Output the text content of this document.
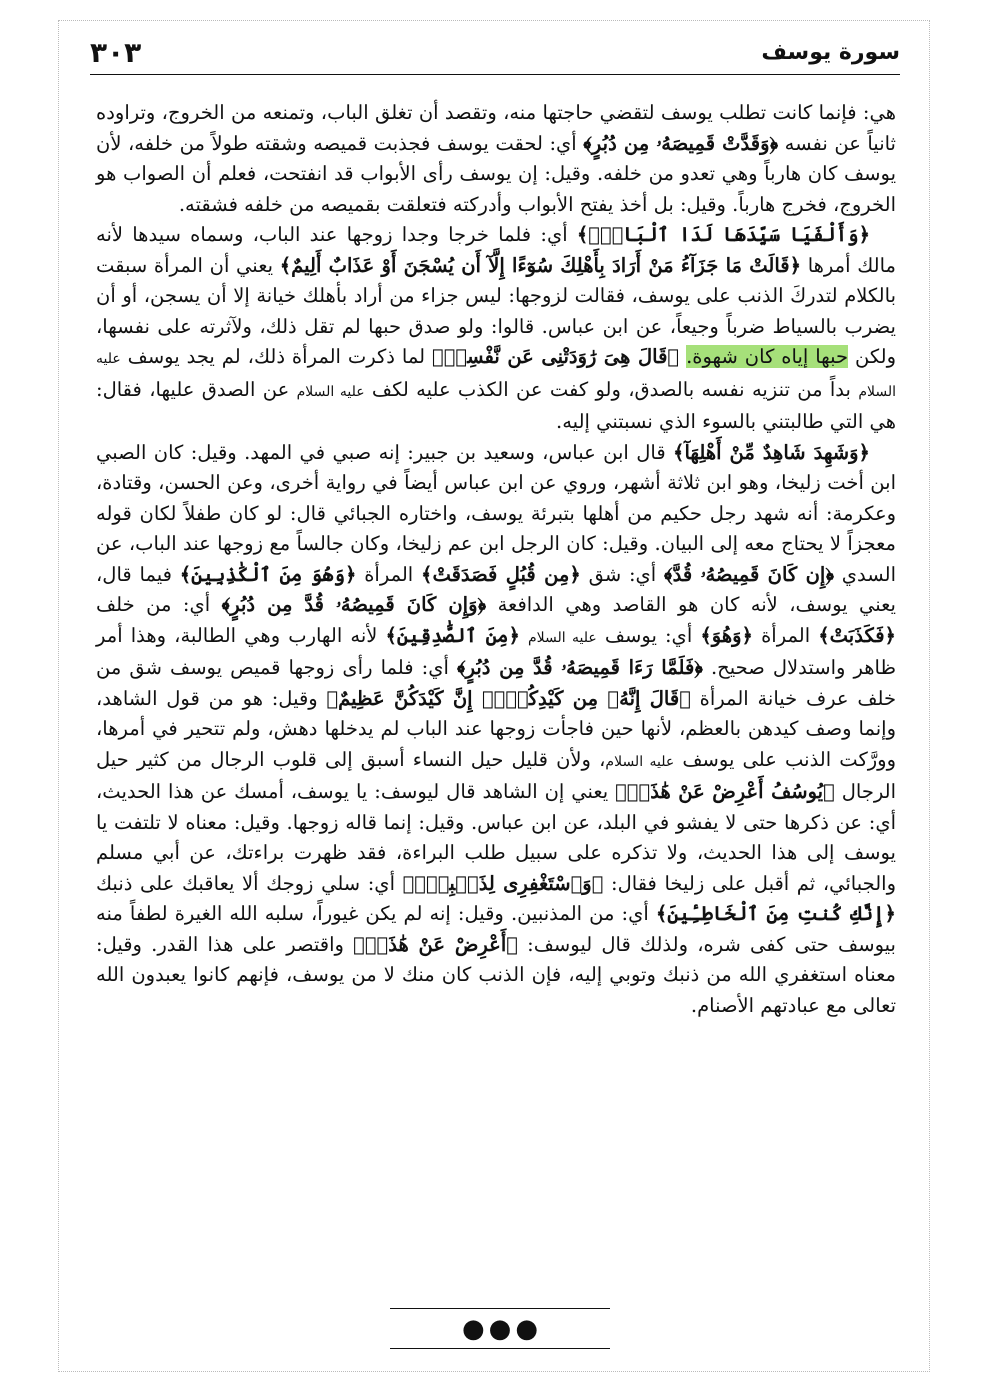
سورة يوسف
٣٠٣

هي: فإنما كانت تطلب يوسف لتقضي حاجتها منه، وتقصد أن تغلق الباب، وتمنعه من الخروج، وتراوده ثانياً عن نفسه ﴿وَقَدَّتْ قَمِيصَهُۥ مِن دُبُرٍ﴾ أي: لحقت يوسف فجذبت قميصه وشقته طولاً من خلفه، لأن يوسف كان هارباً وهي تعدو من خلفه. وقيل: إن يوسف رأى الأبواب قد انفتحت، فعلم أن الصواب هو الخروج، فخرج هارباً. وقيل: بل أخذ يفتح الأبواب وأدركته فتعلقت بقميصه من خلفه فشقته.

﴿وَأَلْفَيَا سَيِّدَهَا لَدَا ٱلْبَابِۚ﴾ أي: فلما خرجا وجدا زوجها عند الباب، وسماه سيدها لأنه مالك أمرها ﴿قَالَتْ مَا جَزَآءُ مَنْ أَرَادَ بِأَهْلِكَ سُوٓءًا إِلَّآ أَن يُسْجَنَ أَوْ عَذَابٌ أَلِيمٌ﴾ يعني أن المرأة سبقت بالكلام لتدركَ الذنب على يوسف، فقالت لزوجها: ليس جزاء من أراد بأهلك خيانة إلا أن يسجن، أو أن يضرب بالسياط ضرباً وجيعاً، عن ابن عباس. قالوا: ولو صدق حبها لم تقل ذلك، ولآثرته على نفسها، ولكن حبها إياه كان شهوة. ﴿قَالَ هِىَ رَٰوَدَتْنِى عَن نَّفْسِىۚ﴾ لما ذكرت المرأة ذلك، لم يجد يوسف عليه السلام بداً من تنزيه نفسه بالصدق، ولو كفت عن الكذب عليه لكف عليه السلام عن الصدق عليها، فقال: هي التي طالبتني بالسوء الذي نسبتني إليه.

﴿وَشَهِدَ شَاهِدٌ مِّنْ أَهْلِهَآ﴾ قال ابن عباس، وسعيد بن جبير: إنه صبي في المهد. وقيل: كان الصبي ابن أخت زليخا، وهو ابن ثلاثة أشهر، وروي عن ابن عباس أيضاً في رواية أخرى، وعن الحسن، وقتادة، وعكرمة: أنه شهد رجل حكيم من أهلها بتبرئة يوسف، واختاره الجبائي قال: لو كان طفلاً لكان قوله معجزاً لا يحتاج معه إلى البيان. وقيل: كان الرجل ابن عم زليخا، وكان جالساً مع زوجها عند الباب، عن السدي ﴿إِن كَانَ قَمِيصُهُۥ قُدَّ﴾ أي: شق ﴿مِن قُبُلٍ فَصَدَقَتْ﴾ المرأة ﴿وَهُوَ مِنَ ٱلْكَٰذِبِينَ﴾ فيما قال، يعني يوسف، لأنه كان هو القاصد وهي الدافعة ﴿وَإِن كَانَ قَمِيصُهُۥ قُدَّ مِن دُبُرٍ﴾ أي: من خلف ﴿فَكَذَبَتْ﴾ المرأة ﴿وَهُوَ﴾ أي: يوسف عليه السلام ﴿مِنَ ٱلصَّٰدِقِينَ﴾ لأنه الهارب وهي الطالبة، وهذا أمر ظاهر واستدلال صحيح. ﴿فَلَمَّا رَءَا قَمِيصَهُۥ قُدَّ مِن دُبُرٍ﴾ أي: فلما رأى زوجها قميص يوسف شق من خلف عرف خيانة المرأة ﴿قَالَ إِنَّهُۥ مِن كَيْدِكُنَّۖ إِنَّ كَيْدَكُنَّ عَظِيمٌ﴾ وقيل: هو من قول الشاهد، وإنما وصف كيدهن بالعظم، لأنها حين فاجأت زوجها عند الباب لم يدخلها دهش، ولم تتحير في أمرها، وورَّكت الذنب على يوسف عليه السلام، ولأن قليل حيل النساء أسبق إلى قلوب الرجال من كثير حيل الرجال ﴿يُوسُفُ أَعْرِضْ عَنْ هَٰذَاۚ﴾ يعني إن الشاهد قال ليوسف: يا يوسف، أمسك عن هذا الحديث، أي: عن ذكرها حتى لا يفشو في البلد، عن ابن عباس. وقيل: إنما قاله زوجها. وقيل: معناه لا تلتفت يا يوسف إلى هذا الحديث، ولا تذكره على سبيل طلب البراءة، فقد ظهرت براءتك، عن أبي مسلم والجبائي، ثم أقبل على زليخا فقال: ﴿وَٱسْتَغْفِرِى لِذَنۢبِكِۖ﴾ أي: سلي زوجك ألا يعاقبك على ذنبك ﴿إِنَّكِ كُنتِ مِنَ ٱلْخَاطِـِٔينَ﴾ أي: من المذنبين. وقيل: إنه لم يكن غيوراً، سلبه الله الغيرة لطفاً منه بيوسف حتى كفى شره، ولذلك قال ليوسف: ﴿أَعْرِضْ عَنْ هَٰذَاۚ﴾ واقتصر على هذا القدر. وقيل: معناه استغفري الله من ذنبك وتوبي إليه، فإن الذنب كان منك لا من يوسف، فإنهم كانوا يعبدون الله تعالى مع عبادتهم الأصنام.

●●●
